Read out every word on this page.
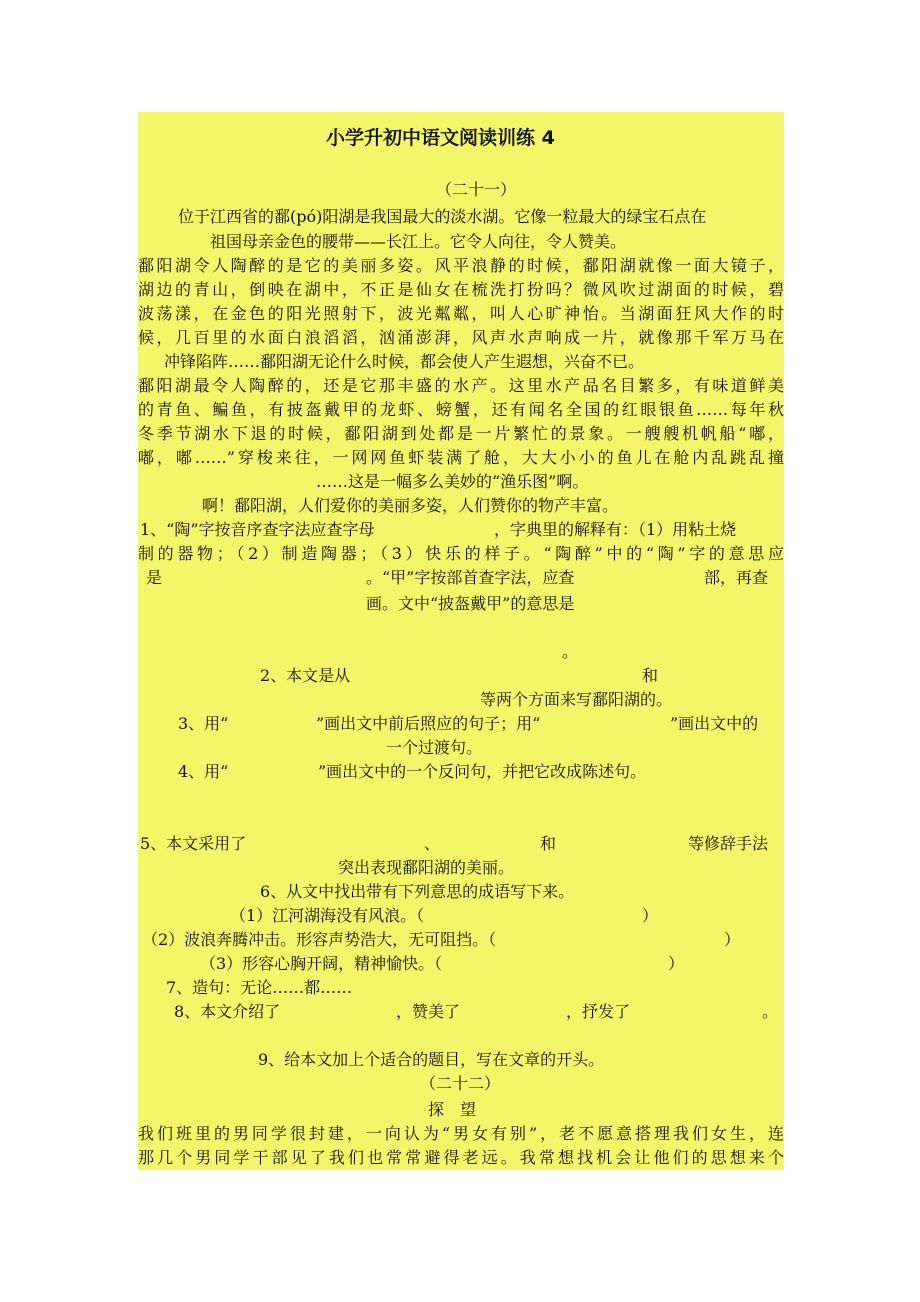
小学升初中语文阅读训练 4
（二十一）
位于江西省的鄱(pó)阳湖是我国最大的淡水湖。它像一粒最大的绿宝石点在
祖国母亲金色的腰带——长江上。它令人向往，令人赞美。
鄱阳湖令人陶醉的是它的美丽多姿。风平浪静的时候，鄱阳湖就像一面大镜子，
湖边的青山，倒映在湖中，不正是仙女在梳洗打扮吗？微风吹过湖面的时候，碧
波荡漾，在金色的阳光照射下，波光粼粼，叫人心旷神怡。当湖面狂风大作的时
候，几百里的水面白浪滔滔，汹涌澎湃，风声水声响成一片，就像那千军万马在
冲锋陷阵……鄱阳湖无论什么时候，都会使人产生遐想，兴奋不已。
鄱阳湖最令人陶醉的，还是它那丰盛的水产。这里水产品名目繁多，有味道鲜美
的青鱼、鳊鱼，有披盔戴甲的龙虾、螃蟹，还有闻名全国的红眼银鱼……每年秋
冬季节湖水下退的时候，鄱阳湖到处都是一片繁忙的景象。一艘艘机帆船“嘟，
嘟，嘟……”穿梭来往，一网网鱼虾装满了舱，大大小小的鱼儿在舱内乱跳乱撞
……这是一幅多么美妙的“渔乐图”啊。
啊！鄱阳湖，人们爱你的美丽多姿，人们赞你的物产丰富。
1、“陶”字按音序查字法应查字母	，字典里的解释有：（1）用粘土烧
制的器物；（2）制造陶器；（3）快乐的样子。“陶醉”中的“陶”字的意思应
是	。“甲”字按部首查字法，应查	部，再查
画。文中“披盔戴甲”的意思是
。
2、本文是从	和
等两个方面来写鄱阳湖的。
3、用“	”画出文中前后照应的句子；用“	”画出文中的
一个过渡句。
4、用“	”画出文中的一个反问句，并把它改成陈述句。
5、本文采用了	、	和	等修辞手法
突出表现鄱阳湖的美丽。
6、从文中找出带有下列意思的成语写下来。
（1）江河湖海没有风浪。（	）
（2）波浪奔腾冲击。形容声势浩大，无可阻挡。（	）
（3）形容心胸开阔，精神愉快。（	）
7、造句：无论……都……
8、本文介绍了	，赞美了	，抒发了	。
9、给本文加上个适合的题目，写在文章的开头。
（二十二）
探　望
我们班里的男同学很封建，一向认为“男女有别”，老不愿意搭理我们女生，连
那几个男同学干部见了我们也常常避得老远。我常想找机会让他们的思想来个
